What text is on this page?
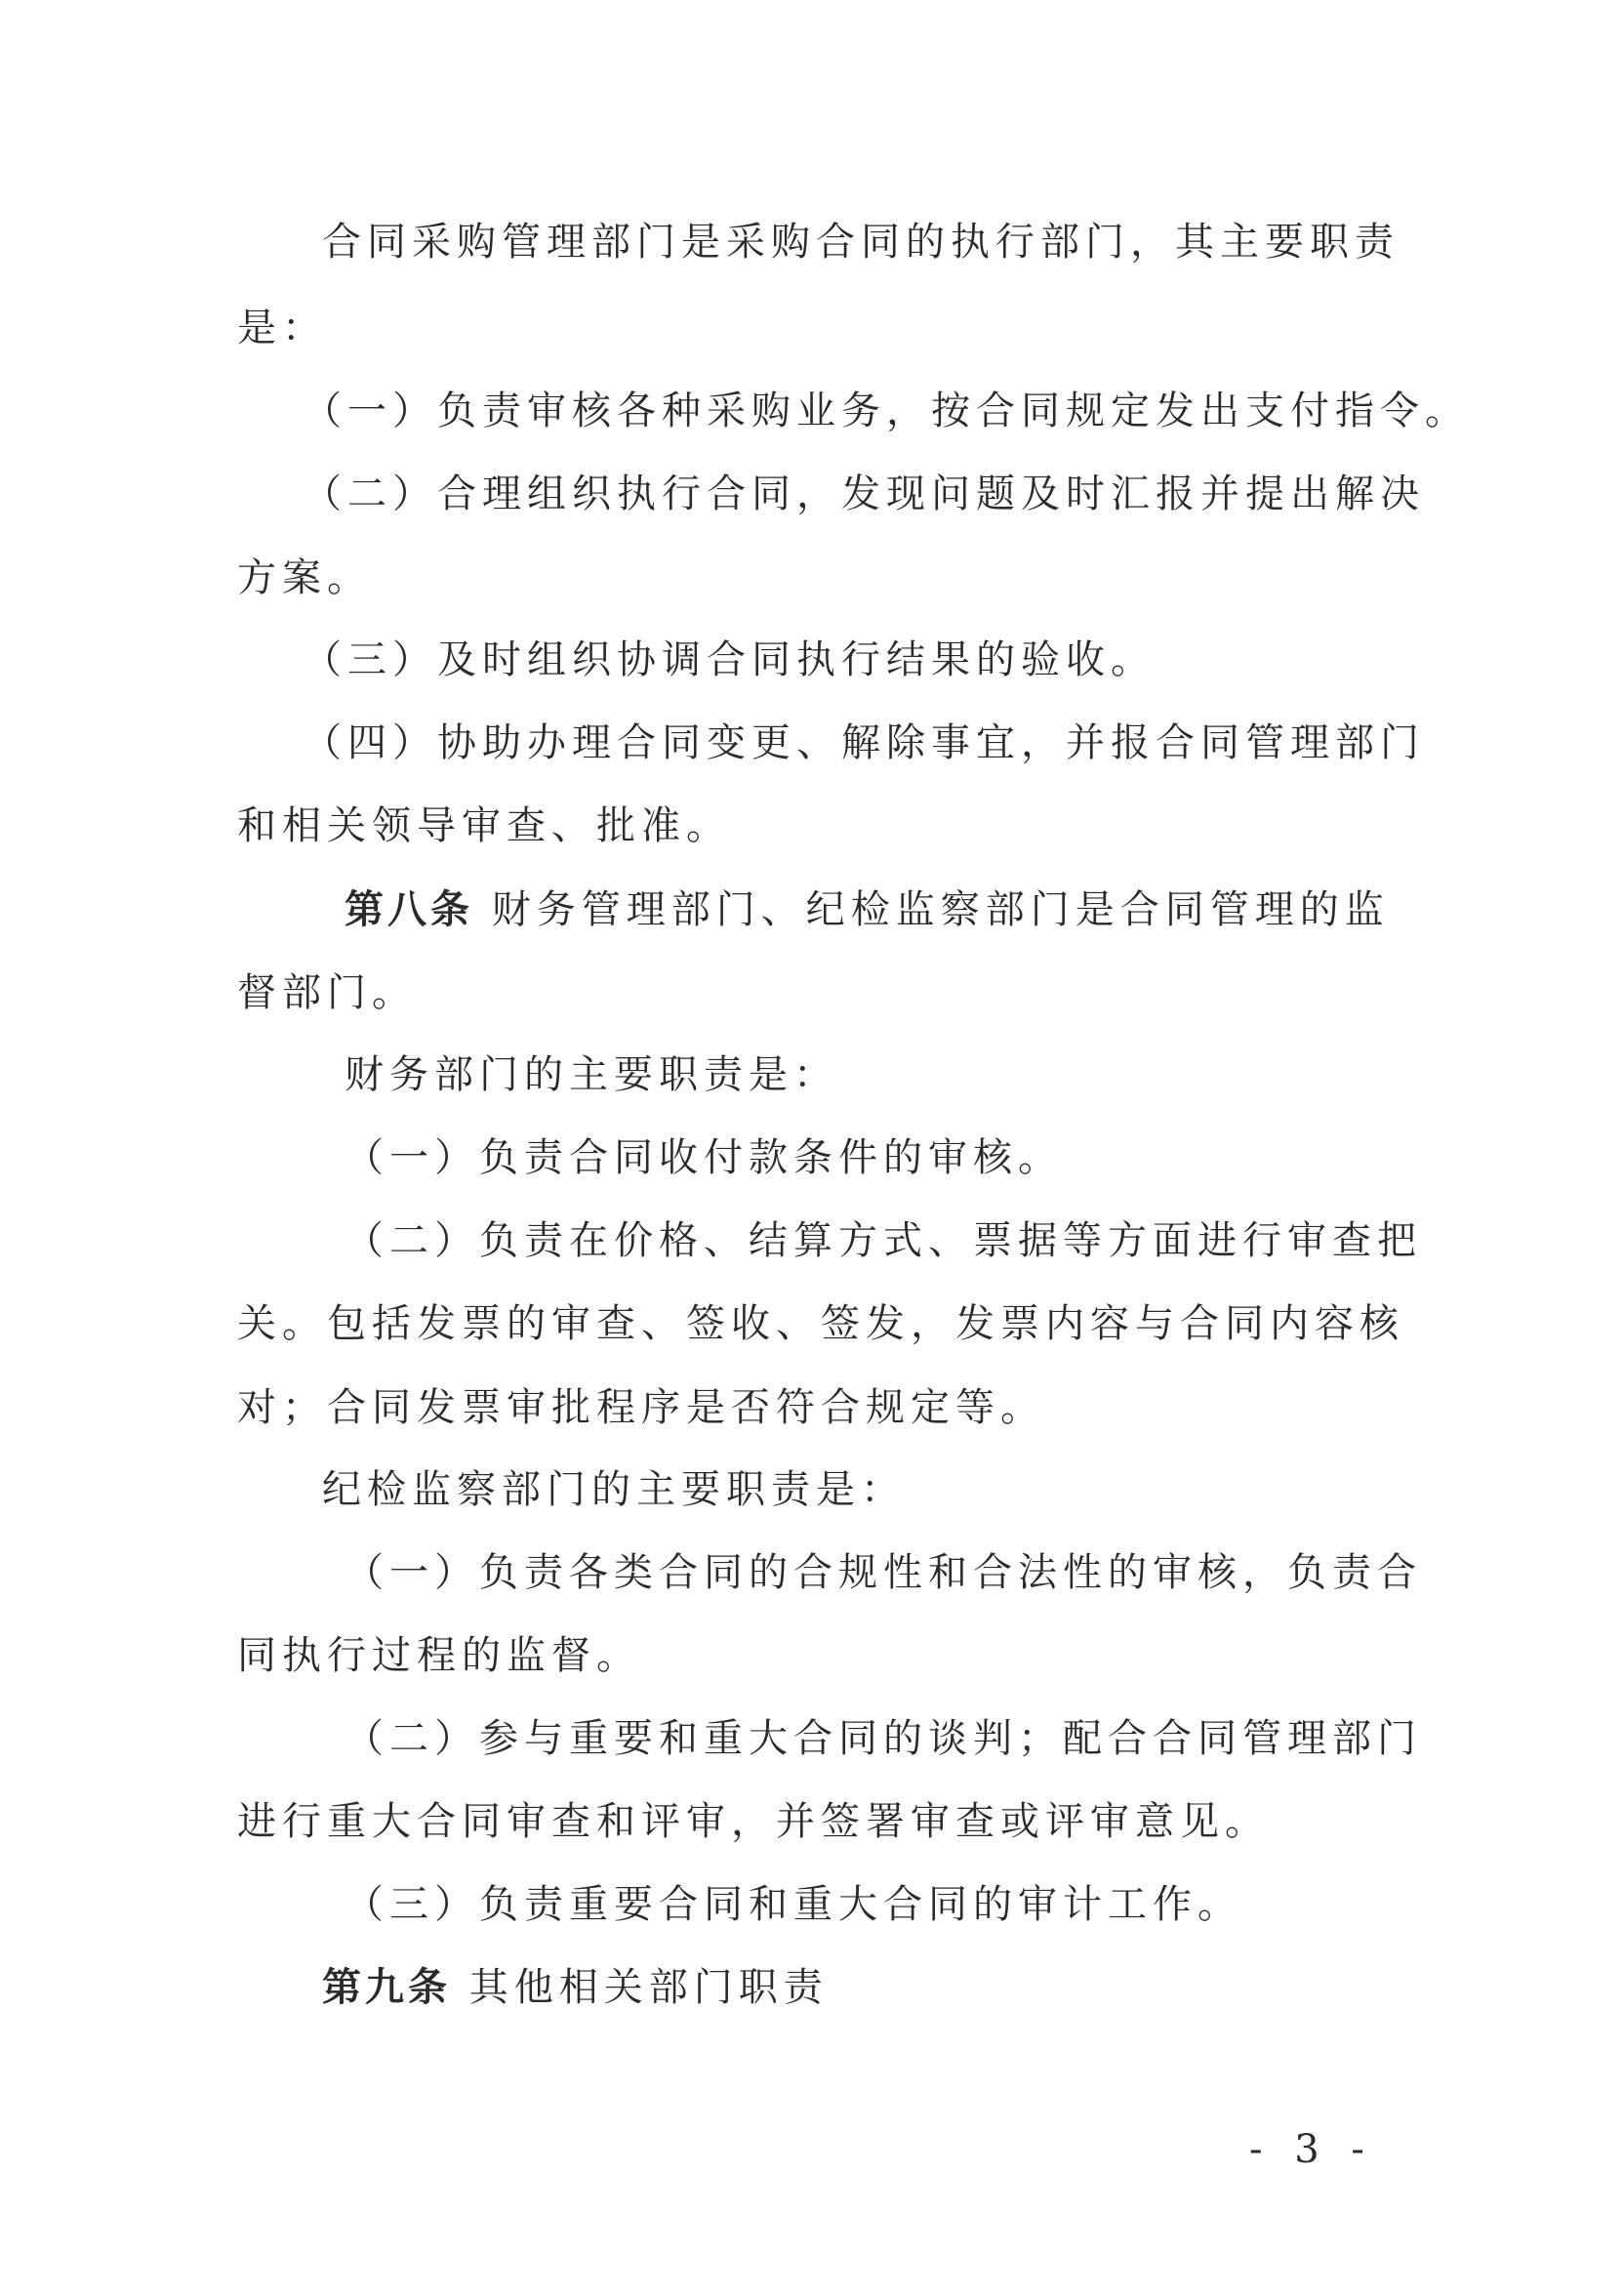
合同采购管理部门是采购合同的执行部门，其主要职责
是：
（一）负责审核各种采购业务，按合同规定发出支付指令。
（二）合理组织执行合同，发现问题及时汇报并提出解决
方案。
（三）及时组织协调合同执行结果的验收。
（四）协助办理合同变更、解除事宜，并报合同管理部门
和相关领导审查、批准。
第八条 财务管理部门、纪检监察部门是合同管理的监
督部门。
财务部门的主要职责是：
（一）负责合同收付款条件的审核。
（二）负责在价格、结算方式、票据等方面进行审查把
关。包括发票的审查、签收、签发，发票内容与合同内容核
对；合同发票审批程序是否符合规定等。
纪检监察部门的主要职责是：
（一）负责各类合同的合规性和合法性的审核，负责合
同执行过程的监督。
（二）参与重要和重大合同的谈判；配合合同管理部门
进行重大合同审查和评审，并签署审查或评审意见。
（三）负责重要合同和重大合同的审计工作。
第九条 其他相关部门职责
- 3 -
